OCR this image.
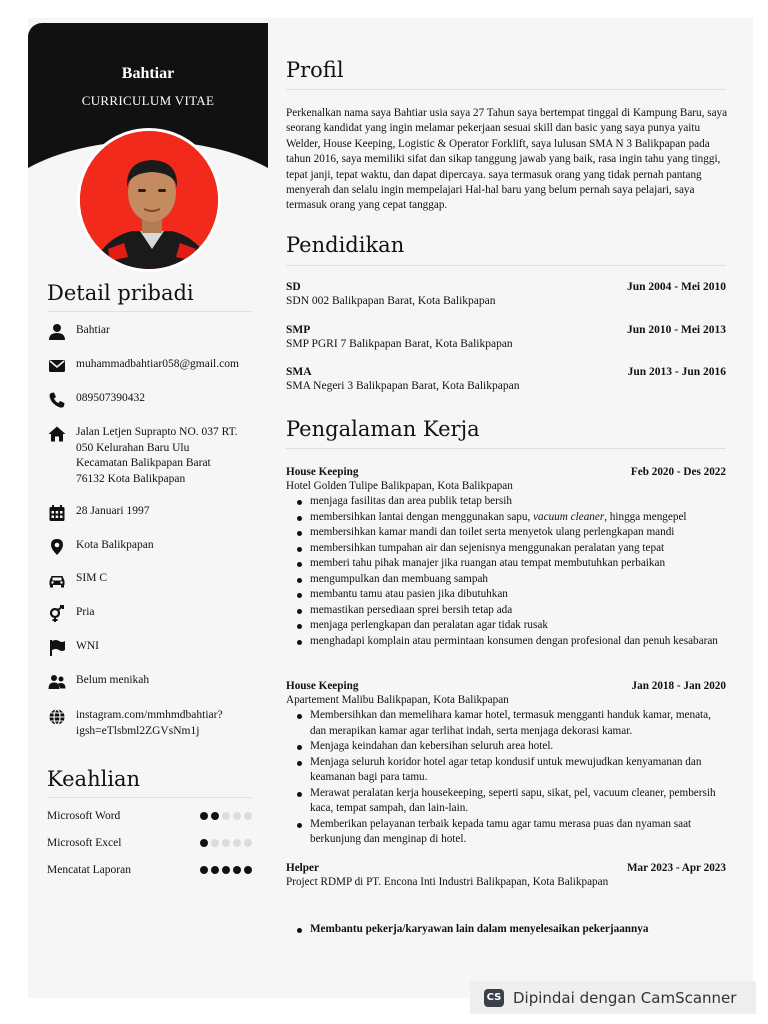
Bahtiar
CURRICULUM VITAE
Detail pribadi
Bahtiar
muhammadbahtiar058@gmail.com
089507390432
Jalan Letjen Suprapto NO. 037 RT.
050 Kelurahan Baru Ulu
Kecamatan Balikpapan Barat
76132 Kota Balikpapan
28 Januari 1997
Kota Balikpapan
SIM C
Pria
WNI
Belum menikah
instagram.com/mmhmdbahtiar?
igsh=eTlsbml2ZGVsNm1j
Keahlian
Microsoft Word
Microsoft Excel
Mencatat Laporan
Profil
Perkenalkan nama saya Bahtiar usia saya 27 Tahun saya bertempat tinggal di Kampung Baru, saya seorang kandidat yang ingin melamar pekerjaan sesuai skill dan basic yang saya punya yaitu Welder, House Keeping, Logistic & Operator Forklift, saya lulusan SMA N 3 Balikpapan pada tahun 2016, saya memiliki sifat dan sikap tanggung jawab yang baik, rasa ingin tahu yang tinggi, tepat janji, tepat waktu, dan dapat dipercaya. saya termasuk orang yang tidak pernah pantang menyerah dan selalu ingin mempelajari Hal-hal baru yang belum pernah saya pelajari, saya termasuk orang yang cepat tanggap.
Pendidikan
SD	Jun 2004 - Mei 2010
SDN 002 Balikpapan Barat, Kota Balikpapan
SMP	Jun 2010 - Mei 2013
SMP PGRI 7 Balikpapan Barat, Kota Balikpapan
SMA	Jun 2013 - Jun 2016
SMA Negeri 3 Balikpapan Barat, Kota Balikpapan
Pengalaman Kerja
House Keeping	Feb 2020 - Des 2022
Hotel Golden Tulipe Balikpapan, Kota Balikpapan
menjaga fasilitas dan area publik tetap bersih
membersihkan lantai dengan menggunakan sapu, vacuum cleaner, hingga mengepel
membersihkan kamar mandi dan toilet serta menyetok ulang perlengkapan mandi
membersihkan tumpahan air dan sejenisnya menggunakan peralatan yang tepat
memberi tahu pihak manajer jika ruangan atau tempat membutuhkan perbaikan
mengumpulkan dan membuang sampah
membantu tamu atau pasien jika dibutuhkan
memastikan persediaan sprei bersih tetap ada
menjaga perlengkapan dan peralatan agar tidak rusak
menghadapi komplain atau permintaan konsumen dengan profesional dan penuh kesabaran
House Keeping	Jan 2018 - Jan 2020
Apartement Malibu Balikpapan, Kota Balikpapan
Membersihkan dan memelihara kamar hotel, termasuk mengganti handuk kamar, menata, dan merapikan kamar agar terlihat indah, serta menjaga dekorasi kamar.
Menjaga keindahan dan kebersihan seluruh area hotel.
Menjaga seluruh koridor hotel agar tetap kondusif untuk mewujudkan kenyamanan dan keamanan bagi para tamu.
Merawat peralatan kerja housekeeping, seperti sapu, sikat, pel, vacuum cleaner, pembersih kaca, tempat sampah, dan lain-lain.
Memberikan pelayanan terbaik kepada tamu agar tamu merasa puas dan nyaman saat berkunjung dan menginap di hotel.
Helper	Mar 2023 - Apr 2023
Project RDMP di PT. Encona Inti Industri Balikpapan, Kota Balikpapan
Membantu pekerja/karyawan lain dalam menyelesaikan pekerjaannya
CS Dipindai dengan CamScanner
